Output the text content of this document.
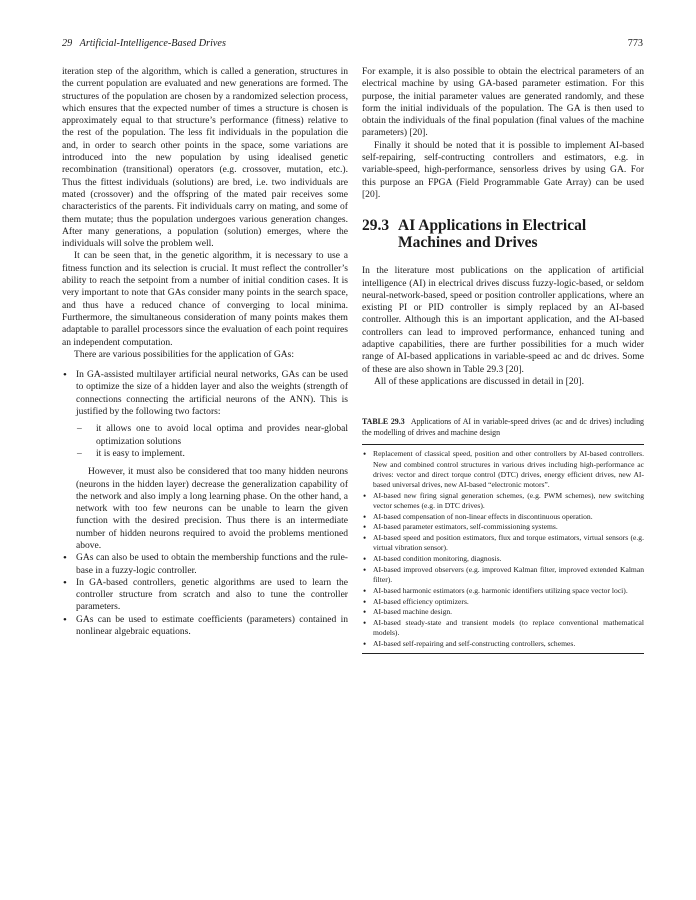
29 Artificial-Intelligence-Based Drives	773

iteration step of the algorithm, which is called a generation, structures in the current population are evaluated and new generations are formed. The structures of the population are chosen by a randomized selection process, which ensures that the expected number of times a structure is chosen is approximately equal to that structure’s performance (fitness) relative to the rest of the population. The less fit individuals in the population die and, in order to search other points in the space, some variations are introduced into the new population by using idealised genetic recombination (transitional) operators (e.g. crossover, mutation, etc.). Thus the fittest individuals (solutions) are bred, i.e. two individuals are mated (crossover) and the offspring of the mated pair receives some characteristics of the parents. Fit individuals carry on mating, and some of them mutate; thus the population undergoes various generation changes. After many generations, a population (solution) emerges, where the individuals will solve the problem well.

It can be seen that, in the genetic algorithm, it is necessary to use a fitness function and its selection is crucial. It must reflect the controller’s ability to reach the setpoint from a number of initial condition cases. It is very important to note that GAs consider many points in the search space, and thus have a reduced chance of converging to local minima. Furthermore, the simultaneous consideration of many points makes them adaptable to parallel processors since the evaluation of each point requires an independent computation.

There are various possibilities for the application of GAs:

• In GA-assisted multilayer artificial neural networks, GAs can be used to optimize the size of a hidden layer and also the weights (strength of connections connecting the artificial neurons of the ANN). This is justified by the following two factors:
– it allows one to avoid local optima and provides near-global optimization solutions
– it is easy to implement.

However, it must also be considered that too many hidden neurons (neurons in the hidden layer) decrease the generalization capability of the network and also imply a long learning phase. On the other hand, a network with too few neurons can be unable to learn the given function with the desired precision. Thus there is an intermediate number of hidden neurons required to avoid the problems mentioned above.

• GAs can also be used to obtain the membership functions and the rule-base in a fuzzy-logic controller.
• In GA-based controllers, genetic algorithms are used to learn the controller structure from scratch and also to tune the controller parameters.
• GAs can be used to estimate coefficients (parameters) contained in nonlinear algebraic equations.

For example, it is also possible to obtain the electrical parameters of an electrical machine by using GA-based parameter estimation. For this purpose, the initial parameter values are generated randomly, and these form the initial individuals of the population. The GA is then used to obtain the individuals of the final population (final values of the machine parameters) [20].

Finally it should be noted that it is possible to implement AI-based self-repairing, self-contructing controllers and estimators, e.g. in variable-speed, high-performance, sensorless drives by using GA. For this purpose an FPGA (Field Programmable Gate Array) can be used [20].

29.3 AI Applications in Electrical
Machines and Drives

In the literature most publications on the application of artificial intelligence (AI) in electrical drives discuss fuzzy-logic-based, or seldom neural-network-based, speed or position controller applications, where an existing PI or PID controller is simply replaced by an AI-based controller. Although this is an important application, and the AI-based controllers can lead to improved performance, enhanced tuning and adaptive capabilities, there are further possibilities for a much wider range of AI-based applications in variable-speed ac and dc drives. Some of these are also shown in Table 29.3 [20].

All of these applications are discussed in detail in [20].

TABLE 29.3 Applications of AI in variable-speed drives (ac and dc drives) including the modelling of drives and machine design
• Replacement of classical speed, position and other controllers by AI-based controllers. New and combined control structures in various drives including high-performance ac drives: vector and direct torque control (DTC) drives, energy efficient drives, new AI-based universal drives, new AI-based “electronic motors”.
• AI-based new firing signal generation schemes, (e.g. PWM schemes), new switching vector schemes (e.g. in DTC drives).
• AI-based compensation of non-linear effects in discontinuous operation.
• AI-based parameter estimators, self-commissioning systems.
• AI-based speed and position estimators, flux and torque estimators, virtual sensors (e.g. virtual vibration sensor).
• AI-based condition monitoring, diagnosis.
• AI-based improved observers (e.g. improved Kalman filter, improved extended Kalman filter).
• AI-based harmonic estimators (e.g. harmonic identifiers utilizing space vector loci).
• AI-based efficiency optimizers.
• AI-based machine design.
• AI-based steady-state and transient models (to replace conventional mathematical models).
• AI-based self-repairing and self-constructing controllers, schemes.
